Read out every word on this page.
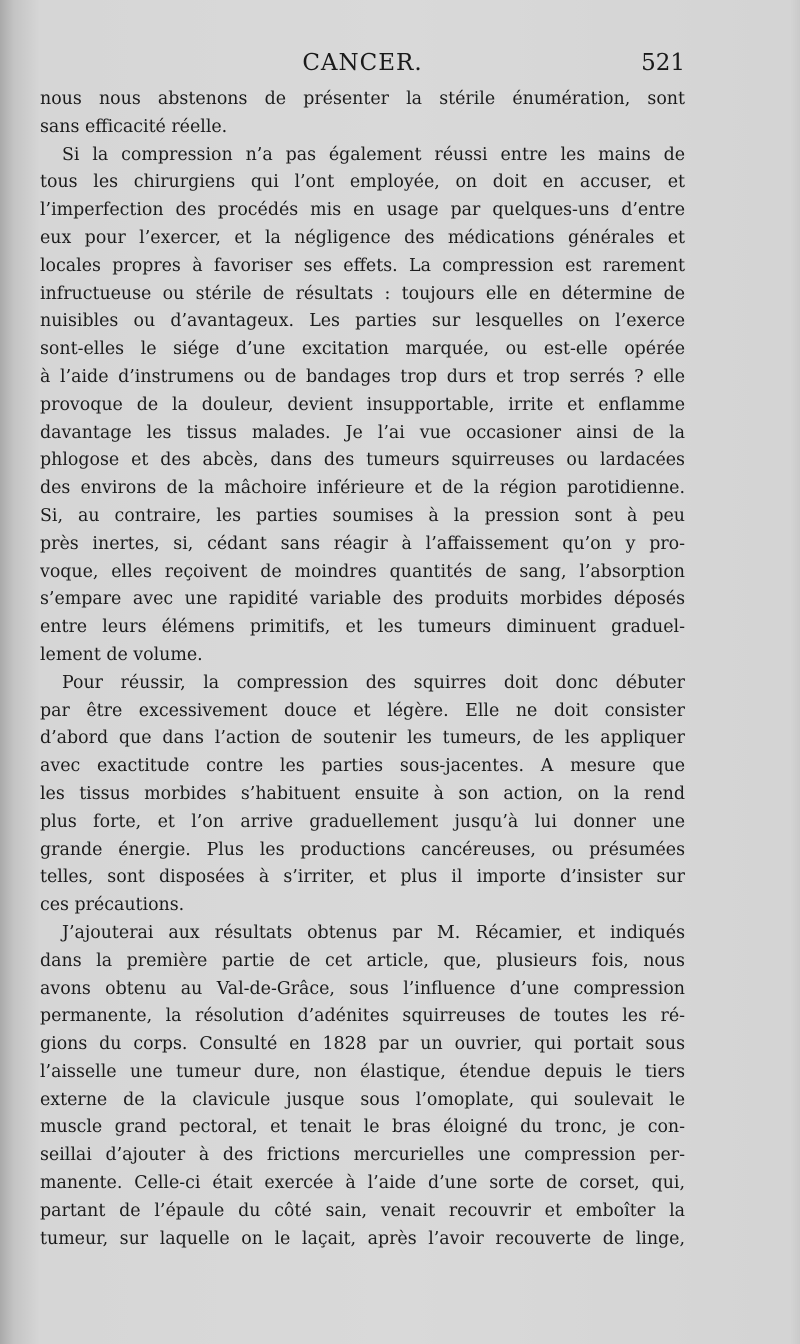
CANCER.	521
nous nous abstenons de présenter la stérile énumération, sont
sans efficacité réelle.
Si la compression n’a pas également réussi entre les mains de
tous les chirurgiens qui l’ont employée, on doit en accuser, et
l’imperfection des procédés mis en usage par quelques-uns d’entre
eux pour l’exercer, et la négligence des médications générales et
locales propres à favoriser ses effets. La compression est rarement
infructueuse ou stérile de résultats : toujours elle en détermine de
nuisibles ou d’avantageux. Les parties sur lesquelles on l’exerce
sont-elles le siége d’une excitation marquée, ou est-elle opérée
à l’aide d’instrumens ou de bandages trop durs et trop serrés ? elle
provoque de la douleur, devient insupportable, irrite et enflamme
davantage les tissus malades. Je l’ai vue occasioner ainsi de la
phlogose et des abcès, dans des tumeurs squirreuses ou lardacées
des environs de la mâchoire inférieure et de la région parotidienne.
Si, au contraire, les parties soumises à la pression sont à peu
près inertes, si, cédant sans réagir à l’affaissement qu’on y pro-
voque, elles reçoivent de moindres quantités de sang, l’absorption
s’empare avec une rapidité variable des produits morbides déposés
entre leurs élémens primitifs, et les tumeurs diminuent graduel-
lement de volume.
Pour réussir, la compression des squirres doit donc débuter
par être excessivement douce et légère. Elle ne doit consister
d’abord que dans l’action de soutenir les tumeurs, de les appliquer
avec exactitude contre les parties sous-jacentes. A mesure que
les tissus morbides s’habituent ensuite à son action, on la rend
plus forte, et l’on arrive graduellement jusqu’à lui donner une
grande énergie. Plus les productions cancéreuses, ou présumées
telles, sont disposées à s’irriter, et plus il importe d’insister sur
ces précautions.
J’ajouterai aux résultats obtenus par M. Récamier, et indiqués
dans la première partie de cet article, que, plusieurs fois, nous
avons obtenu au Val-de-Grâce, sous l’influence d’une compression
permanente, la résolution d’adénites squirreuses de toutes les ré-
gions du corps. Consulté en 1828 par un ouvrier, qui portait sous
l’aisselle une tumeur dure, non élastique, étendue depuis le tiers
externe de la clavicule jusque sous l’omoplate, qui soulevait le
muscle grand pectoral, et tenait le bras éloigné du tronc, je con-
seillai d’ajouter à des frictions mercurielles une compression per-
manente. Celle-ci était exercée à l’aide d’une sorte de corset, qui,
partant de l’épaule du côté sain, venait recouvrir et emboîter la
tumeur, sur laquelle on le laçait, après l’avoir recouverte de linge,
